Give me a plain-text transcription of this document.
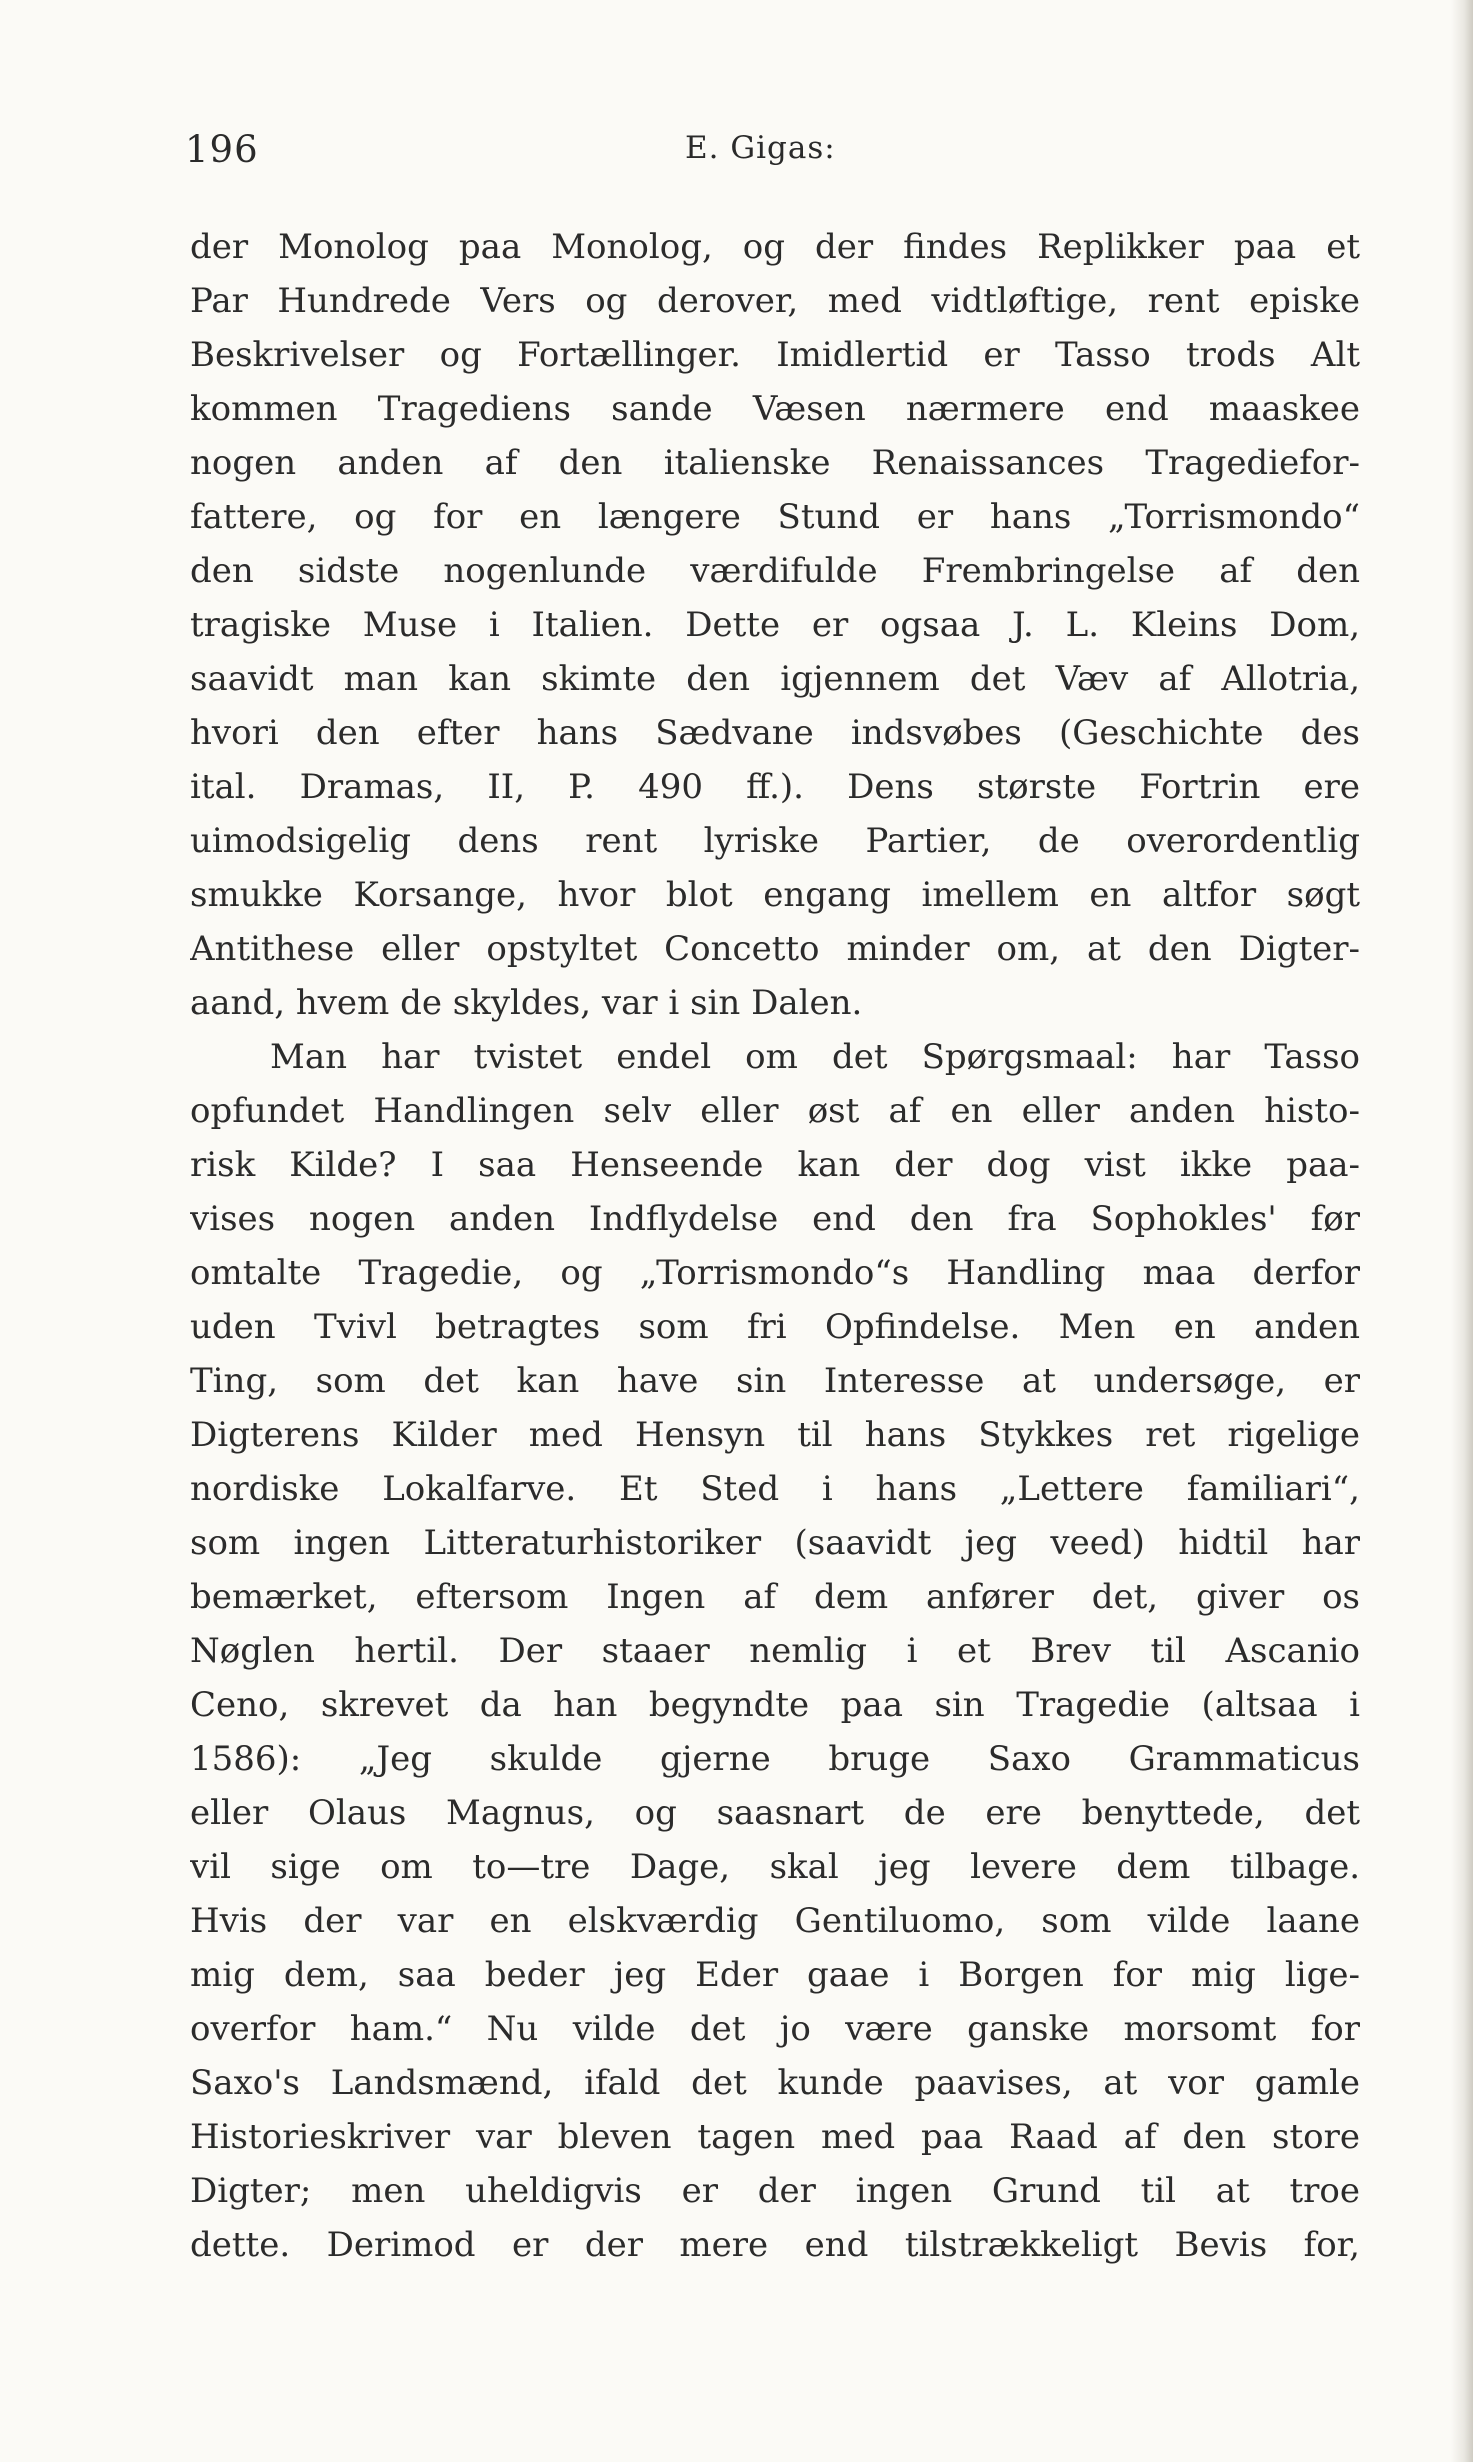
196	E. Gigas:
der Monolog paa Monolog, og der findes Replikker paa et
Par Hundrede Vers og derover, med vidtløftige, rent episke
Beskrivelser og Fortællinger. Imidlertid er Tasso trods Alt
kommen Tragediens sande Væsen nærmere end maaskee
nogen anden af den italienske Renaissances Tragediefor-
fattere, og for en længere Stund er hans „Torrismondo“
den sidste nogenlunde værdifulde Frembringelse af den
tragiske Muse i Italien. Dette er ogsaa J. L. Kleins Dom,
saavidt man kan skimte den igjennem det Væv af Allotria,
hvori den efter hans Sædvane indsvøbes (Geschichte des
ital. Dramas, II, P. 490 ff.). Dens største Fortrin ere
uimodsigelig dens rent lyriske Partier, de overordentlig
smukke Korsange, hvor blot engang imellem en altfor søgt
Antithese eller opstyltet Concetto minder om, at den Digter-
aand, hvem de skyldes, var i sin Dalen.
Man har tvistet endel om det Spørgsmaal: har Tasso
opfundet Handlingen selv eller øst af en eller anden histo-
risk Kilde? I saa Henseende kan der dog vist ikke paa-
vises nogen anden Indflydelse end den fra Sophokles' før
omtalte Tragedie, og „Torrismondo“s Handling maa derfor
uden Tvivl betragtes som fri Opfindelse. Men en anden
Ting, som det kan have sin Interesse at undersøge, er
Digterens Kilder med Hensyn til hans Stykkes ret rigelige
nordiske Lokalfarve. Et Sted i hans „Lettere familiari“,
som ingen Litteraturhistoriker (saavidt jeg veed) hidtil har
bemærket, eftersom Ingen af dem anfører det, giver os
Nøglen hertil. Der staaer nemlig i et Brev til Ascanio
Ceno, skrevet da han begyndte paa sin Tragedie (altsaa i
1586): „Jeg skulde gjerne bruge Saxo Grammaticus
eller Olaus Magnus, og saasnart de ere benyttede, det
vil sige om to—tre Dage, skal jeg levere dem tilbage.
Hvis der var en elskværdig Gentiluomo, som vilde laane
mig dem, saa beder jeg Eder gaae i Borgen for mig lige-
overfor ham.“ Nu vilde det jo være ganske morsomt for
Saxo's Landsmænd, ifald det kunde paavises, at vor gamle
Historieskriver var bleven tagen med paa Raad af den store
Digter; men uheldigvis er der ingen Grund til at troe
dette. Derimod er der mere end tilstrækkeligt Bevis for,
